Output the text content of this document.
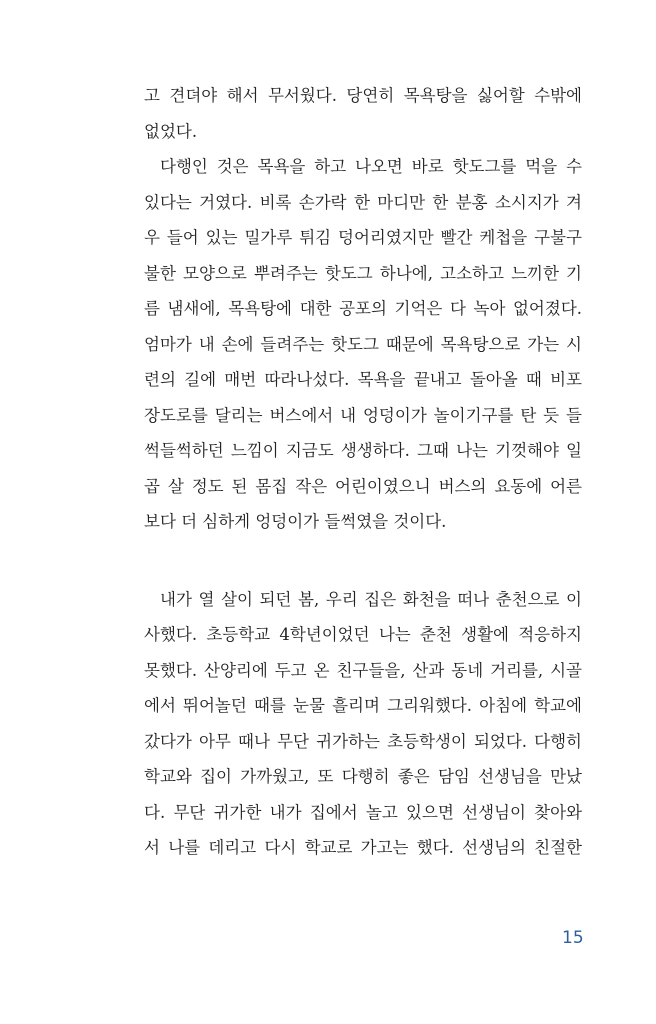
고 견뎌야 해서 무서웠다. 당연히 목욕탕을 싫어할 수밖에
없었다.
다행인 것은 목욕을 하고 나오면 바로 핫도그를 먹을 수
있다는 거였다. 비록 손가락 한 마디만 한 분홍 소시지가 겨
우 들어 있는 밀가루 튀김 덩어리였지만 빨간 케첩을 구불구
불한 모양으로 뿌려주는 핫도그 하나에, 고소하고 느끼한 기
름 냄새에, 목욕탕에 대한 공포의 기억은 다 녹아 없어졌다.
엄마가 내 손에 들려주는 핫도그 때문에 목욕탕으로 가는 시
련의 길에 매번 따라나섰다. 목욕을 끝내고 돌아올 때 비포
장도로를 달리는 버스에서 내 엉덩이가 놀이기구를 탄 듯 들
썩들썩하던 느낌이 지금도 생생하다. 그때 나는 기껏해야 일
곱 살 정도 된 몸집 작은 어린이였으니 버스의 요동에 어른
보다 더 심하게 엉덩이가 들썩였을 것이다.
내가 열 살이 되던 봄, 우리 집은 화천을 떠나 춘천으로 이
사했다. 초등학교 4학년이었던 나는 춘천 생활에 적응하지
못했다. 산양리에 두고 온 친구들을, 산과 동네 거리를, 시골
에서 뛰어놀던 때를 눈물 흘리며 그리워했다. 아침에 학교에
갔다가 아무 때나 무단 귀가하는 초등학생이 되었다. 다행히
학교와 집이 가까웠고, 또 다행히 좋은 담임 선생님을 만났
다. 무단 귀가한 내가 집에서 놀고 있으면 선생님이 찾아와
서 나를 데리고 다시 학교로 가고는 했다. 선생님의 친절한
15
